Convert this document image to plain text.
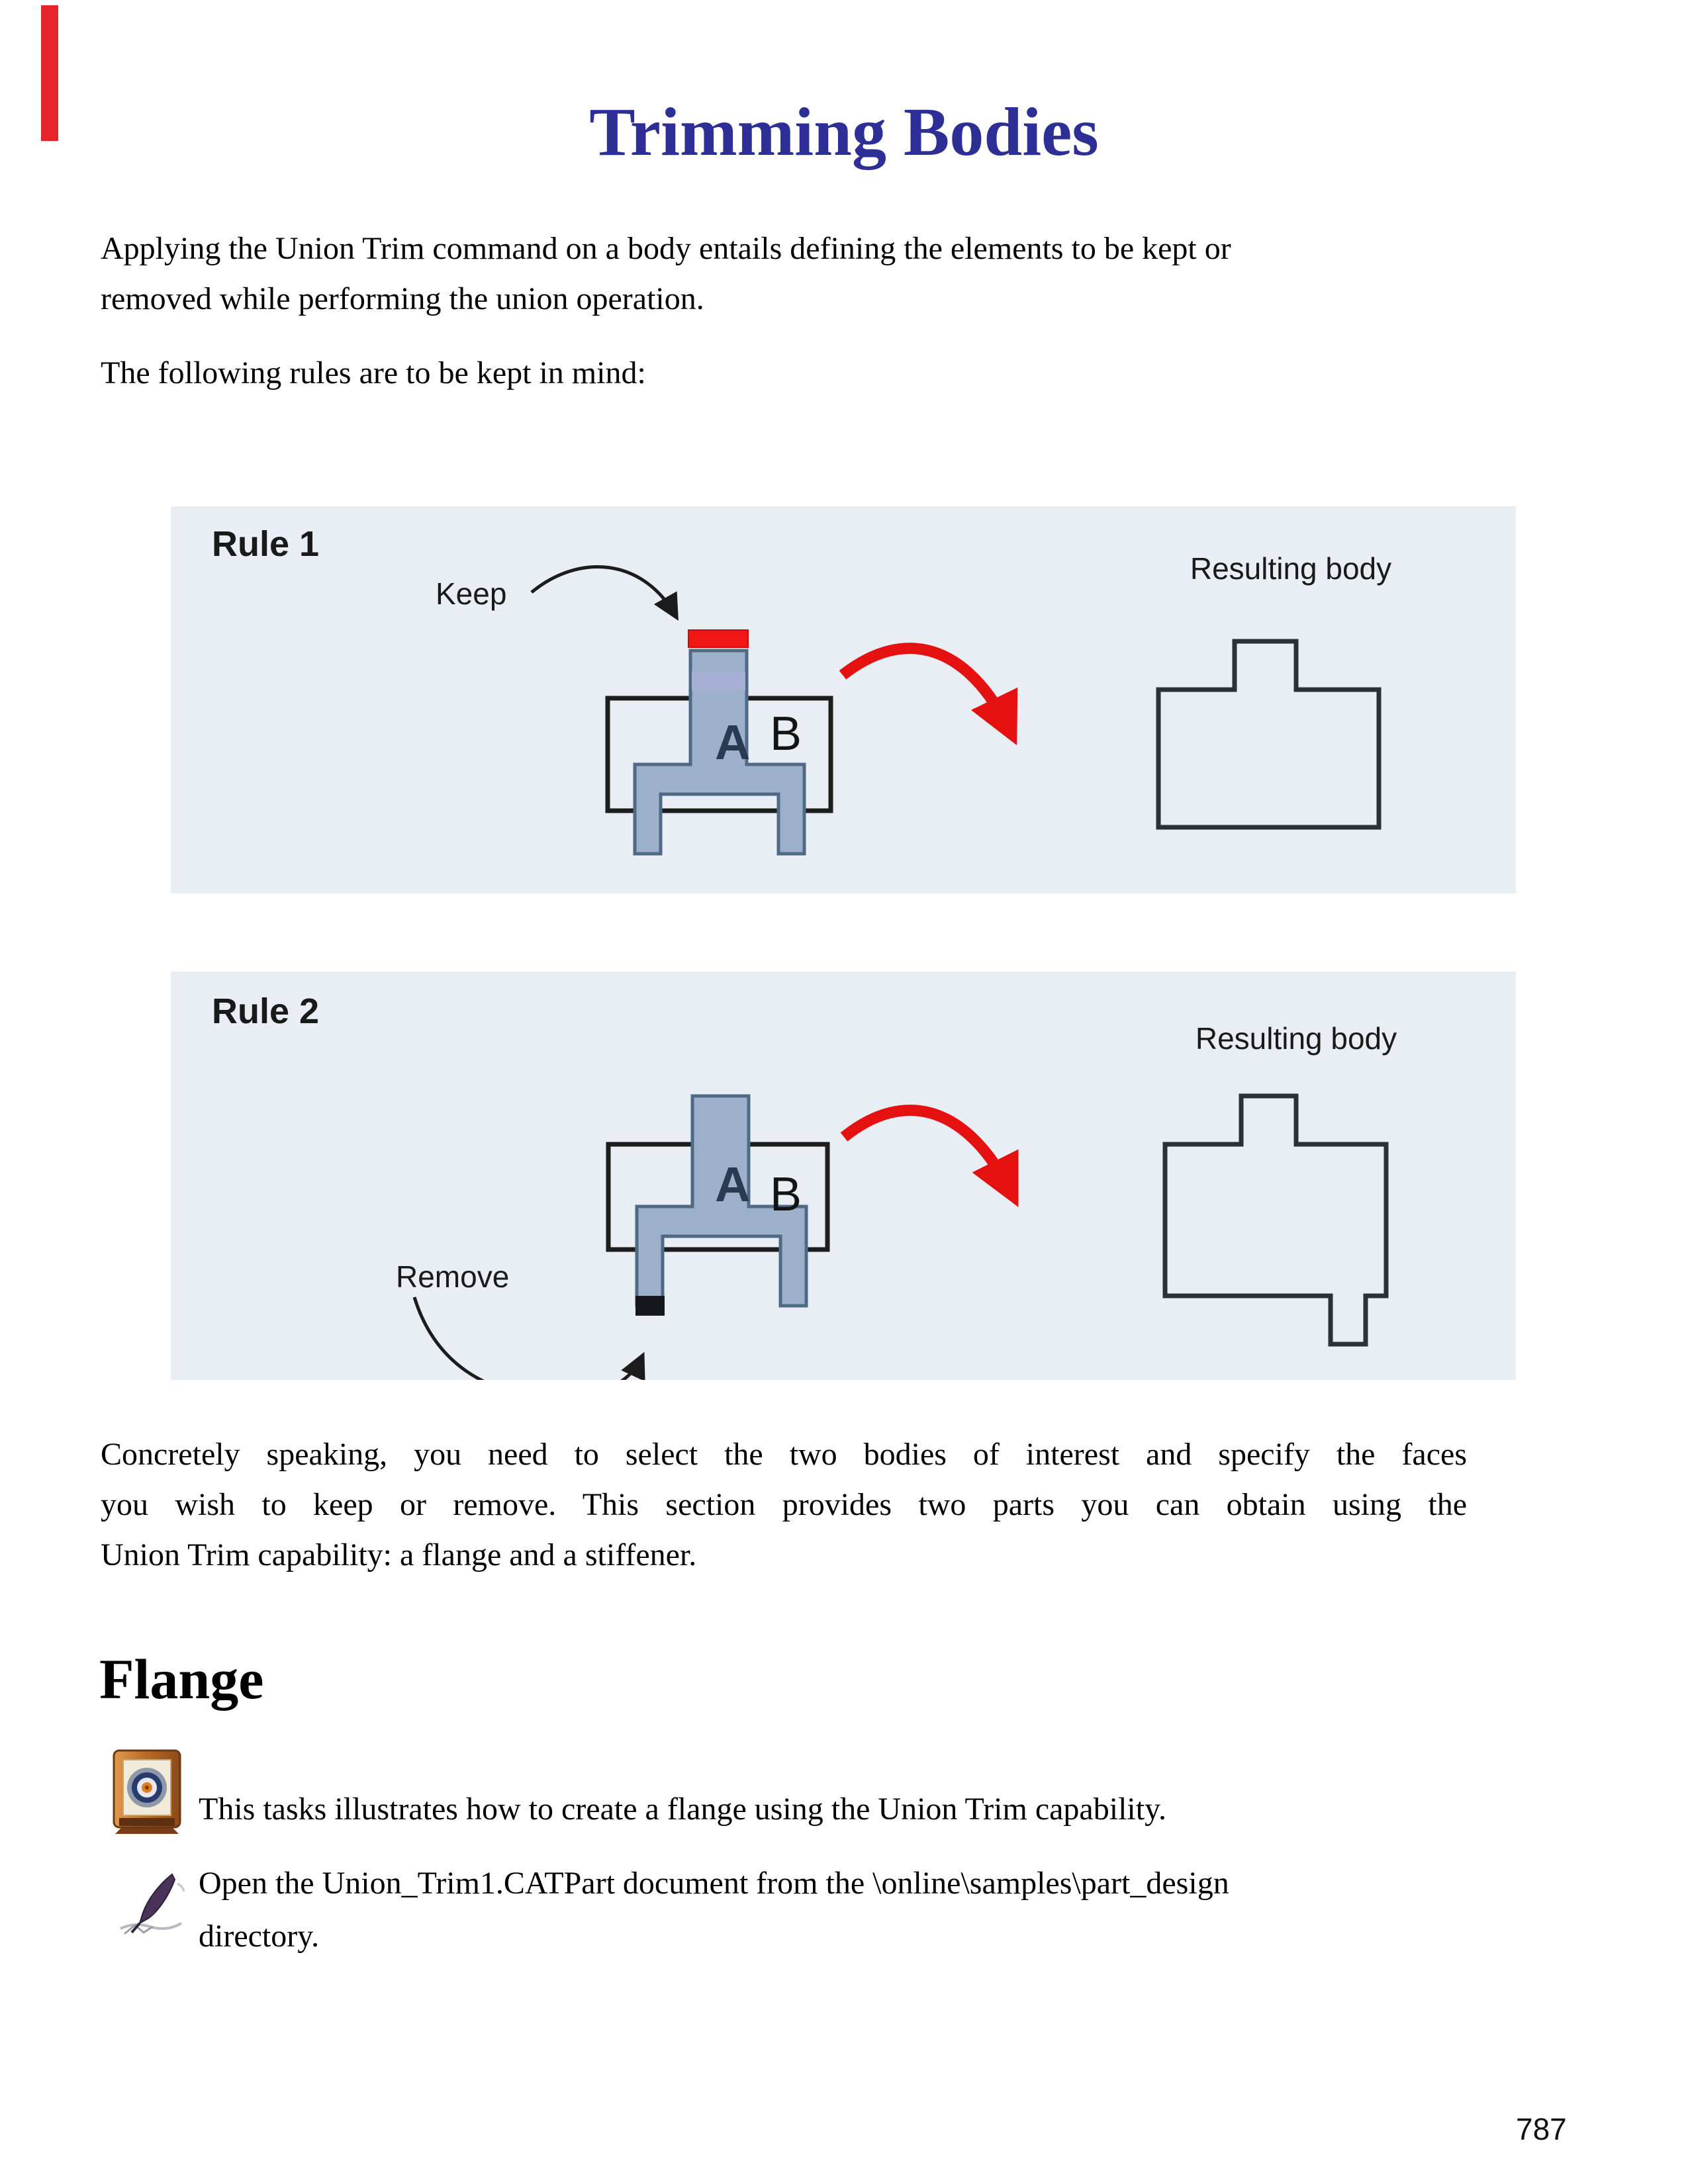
Trimming Bodies
Applying the Union Trim command on a body entails defining the elements to be kept or
removed while performing the union operation.
The following rules are to be kept in mind:
Rule 1
Keep
A B
Resulting body
Rule 2
A B
Remove
Resulting body
Concretely speaking, you need to select the two bodies of interest and specify the faces
you wish to keep or remove. This section provides two parts you can obtain using the
Union Trim capability: a flange and a stiffener.
Flange
This tasks illustrates how to create a flange using the Union Trim capability.
Open the Union_Trim1.CATPart document from the \online\samples\part_design
directory.
787
